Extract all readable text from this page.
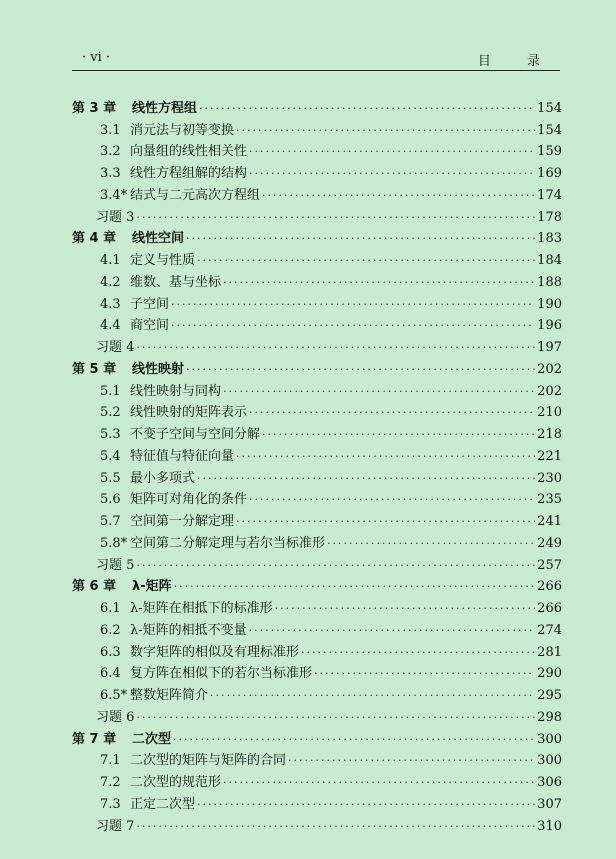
· vi ·	目 录
第 3 章	线性方程组 ·····	154
3.1 消元法与初等变换 ·····	154
3.2 向量组的线性相关性 ·····	159
3.3 线性方程组解的结构 ·····	169
3.4* 结式与二元高次方程组 ·····	174
习题 3 ·····	178
第 4 章	线性空间 ·····	183
4.1 定义与性质 ·····	184
4.2 维数、基与坐标 ·····	188
4.3 子空间 ·····	190
4.4 商空间 ·····	196
习题 4 ·····	197
第 5 章	线性映射 ·····	202
5.1 线性映射与同构 ·····	202
5.2 线性映射的矩阵表示 ·····	210
5.3 不变子空间与空间分解 ·····	218
5.4 特征值与特征向量 ·····	221
5.5 最小多项式 ·····	230
5.6 矩阵可对角化的条件 ·····	235
5.7 空间第一分解定理 ·····	241
5.8* 空间第二分解定理与若尔当标准形 ·····	249
习题 5 ·····	257
第 6 章	λ-矩阵 ·····	266
6.1 λ-矩阵在相抵下的标准形 ·····	266
6.2 λ-矩阵的相抵不变量 ·····	274
6.3 数字矩阵的相似及有理标准形 ·····	281
6.4 复方阵在相似下的若尔当标准形 ·····	290
6.5* 整数矩阵简介 ·····	295
习题 6 ·····	298
第 7 章	二次型 ·····	300
7.1 二次型的矩阵与矩阵的合同 ·····	300
7.2 二次型的规范形 ·····	306
7.3 正定二次型 ·····	307
习题 7 ·····	310
